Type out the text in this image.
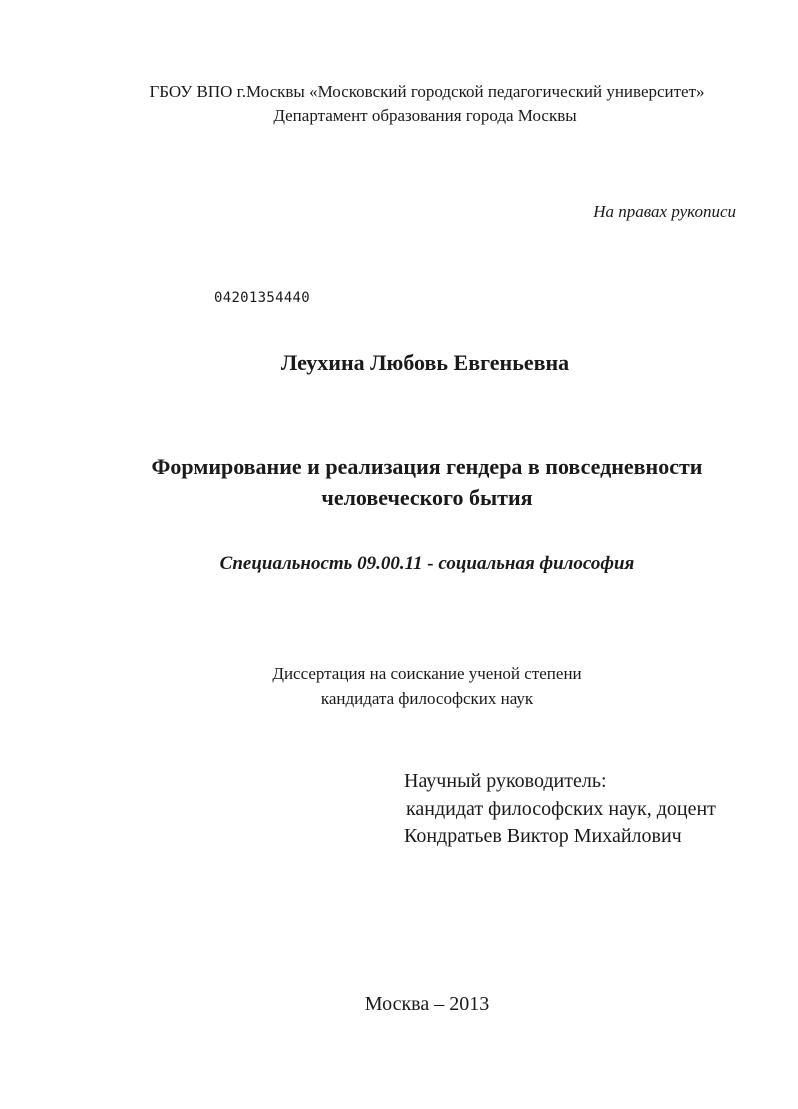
ГБОУ ВПО г.Москвы «Московский городской педагогический университет»
Департамент образования города Москвы
На правах рукописи
04201354440
Леухина Любовь Евгеньевна
Формирование и реализация гендера в повседневности
человеческого бытия
Специальность 09.00.11 - социальная философия
Диссертация на соискание ученой степени
кандидата философских наук
Научный руководитель:
кандидат философских наук, доцент
Кондратьев Виктор Михайлович
Москва – 2013
